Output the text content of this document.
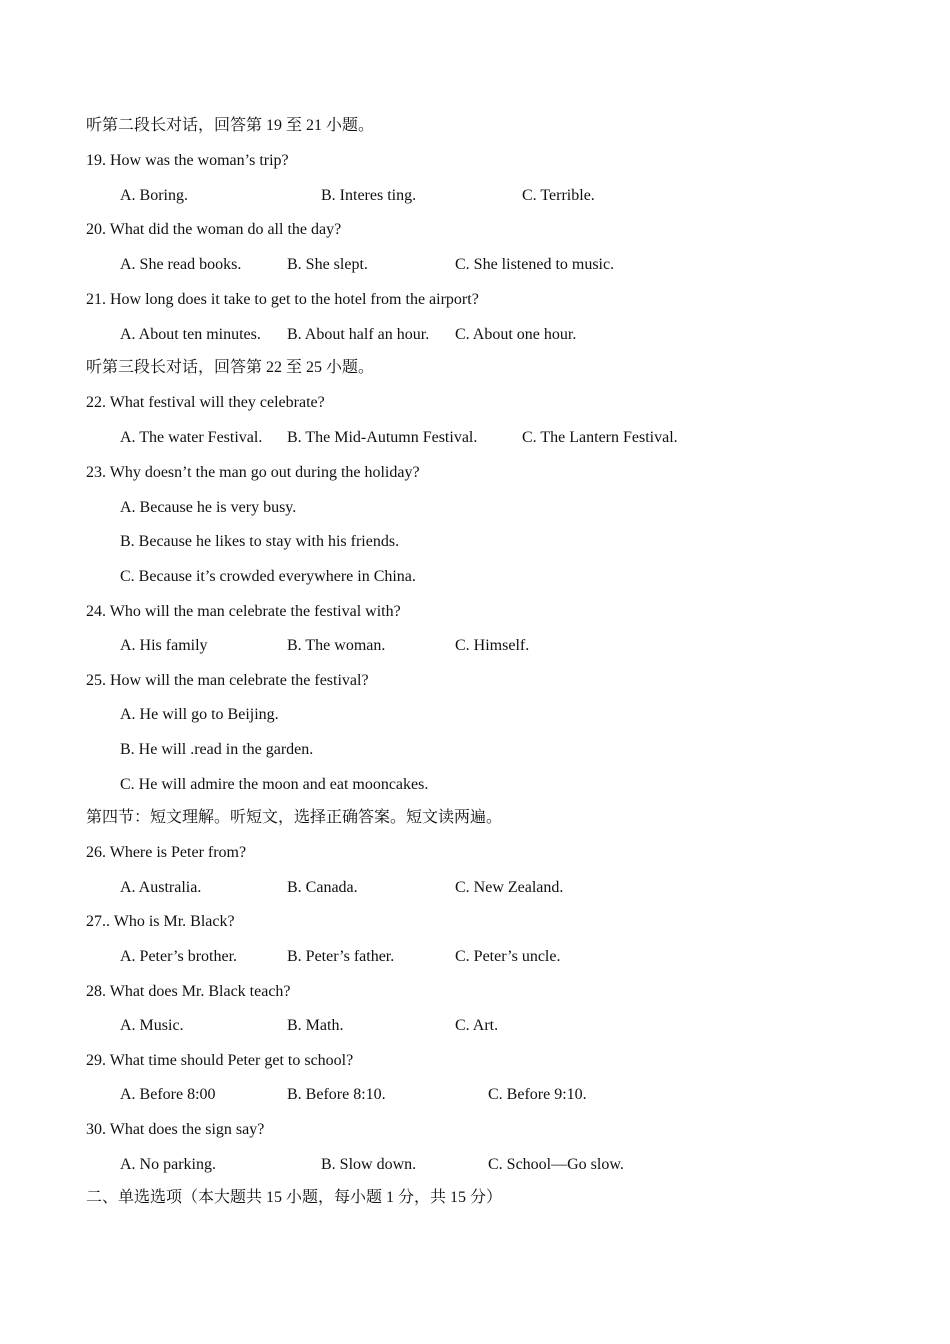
听第二段长对话，回答第 19 至 21 小题。
19. How was the woman’s trip?
A. Boring.	B. Interes ting.	C. Terrible.
20. What did the woman do all the day?
A. She read books.	B. She slept.	C. She listened to music.
21. How long does it take to get to the hotel from the airport?
A. About ten minutes. B. About half an hour. C. About one hour.
听第三段长对话，回答第 22 至 25 小题。
22. What festival will they celebrate?
A. The water Festival. B. The Mid-Autumn Festival.	C. The Lantern Festival.
23. Why doesn’t the man go out during the holiday?
A. Because he is very busy.
B. Because he likes to stay with his friends.
C. Because it’s crowded everywhere in China.
24. Who will the man celebrate the festival with?
A. His family	B. The woman.	C. Himself.
25. How will the man celebrate the festival?
A. He will go to Beijing.
B. He will .read in the garden.
C. He will admire the moon and eat mooncakes.
第四节：短文理解。听短文，选择正确答案。短文读两遍。
26. Where is Peter from?
A. Australia.	B. Canada.	C. New Zealand.
27.. Who is Mr. Black?
A. Peter’s brother.	B. Peter’s father.	C. Peter’s uncle.
28. What does Mr. Black teach?
A. Music.	B. Math.	C. Art.
29. What time should Peter get to school?
A. Before 8:00	B. Before 8:10.	C. Before 9:10.
30. What does the sign say?
A. No parking.	B. Slow down.	C. School—Go slow.
二、单选选项（本大题共 15 小题，每小题 1 分，共 15 分）
